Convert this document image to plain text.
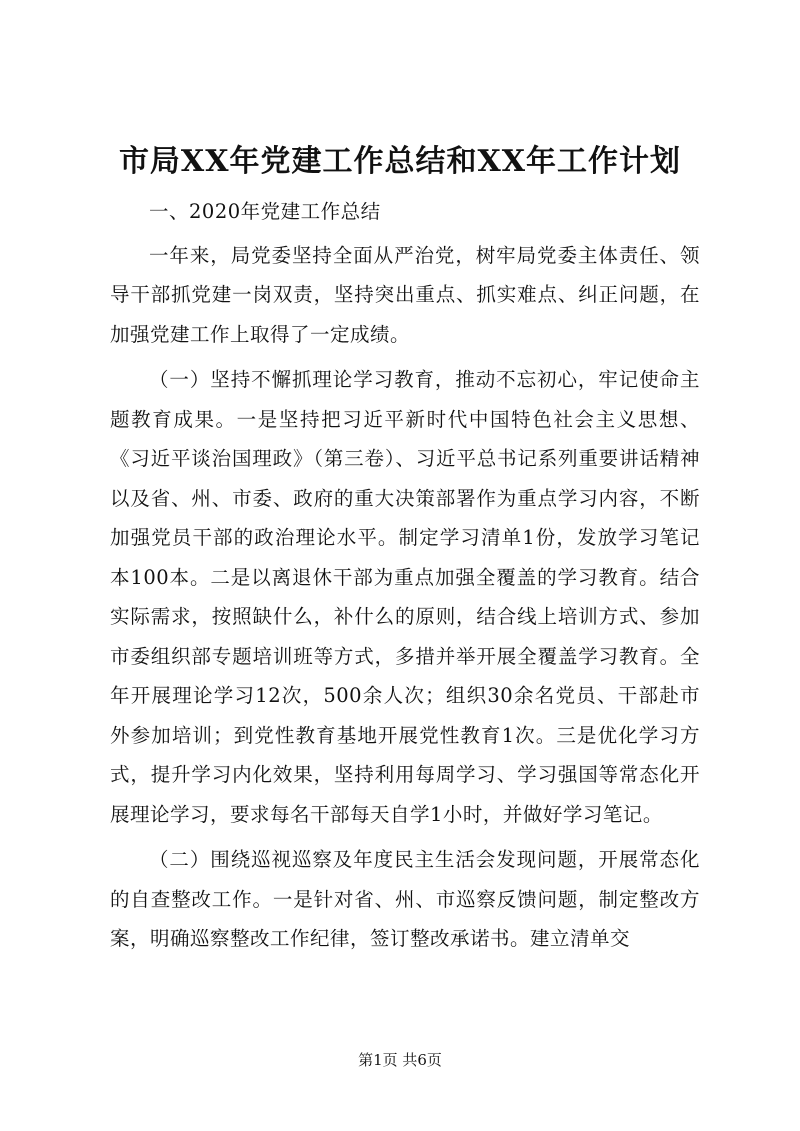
市局XX年党建工作总结和XX年工作计划

一、2020年党建工作总结

一年来，局党委坚持全面从严治党，树牢局党委主体责任、领导干部抓党建一岗双责，坚持突出重点、抓实难点、纠正问题，在加强党建工作上取得了一定成绩。

（一）坚持不懈抓理论学习教育，推动不忘初心，牢记使命主题教育成果。一是坚持把习近平新时代中国特色社会主义思想、《习近平谈治国理政》（第三卷）、习近平总书记系列重要讲话精神以及省、州、市委、政府的重大决策部署作为重点学习内容，不断加强党员干部的政治理论水平。制定学习清单1份，发放学习笔记本100本。二是以离退休干部为重点加强全覆盖的学习教育。结合实际需求，按照缺什么，补什么的原则，结合线上培训方式、参加市委组织部专题培训班等方式，多措并举开展全覆盖学习教育。全年开展理论学习12次，500余人次；组织30余名党员、干部赴市外参加培训；到党性教育基地开展党性教育1次。三是优化学习方式，提升学习内化效果，坚持利用每周学习、学习强国等常态化开展理论学习，要求每名干部每天自学1小时，并做好学习笔记。

（二）围绕巡视巡察及年度民主生活会发现问题，开展常态化的自查整改工作。一是针对省、州、市巡察反馈问题，制定整改方案，明确巡察整改工作纪律，签订整改承诺书。建立清单交

第1页 共6页
